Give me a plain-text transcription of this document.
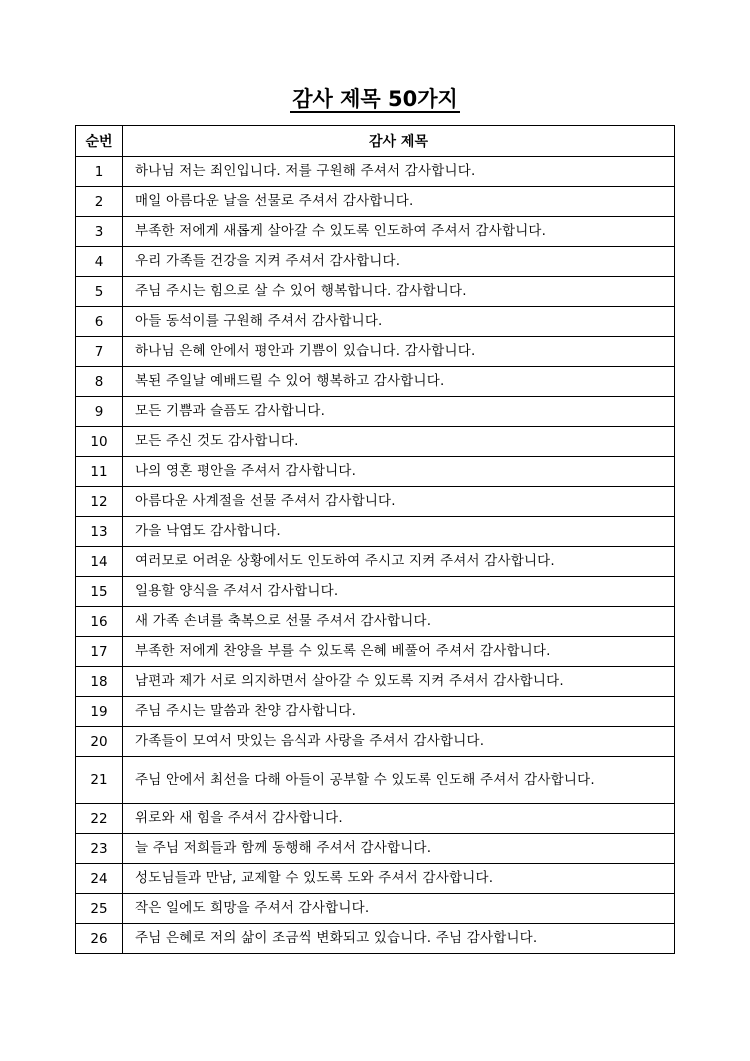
감사 제목 50가지
순번	감사 제목
1	하나님 저는 죄인입니다. 저를 구원해 주셔서 감사합니다.
2	매일 아름다운 날을 선물로 주셔서 감사합니다.
3	부족한 저에게 새롭게 살아갈 수 있도록 인도하여 주셔서 감사합니다.
4	우리 가족들 건강을 지켜 주셔서 감사합니다.
5	주님 주시는 힘으로 살 수 있어 행복합니다. 감사합니다.
6	아들 동석이를 구원해 주셔서 감사합니다.
7	하나님 은혜 안에서 평안과 기쁨이 있습니다. 감사합니다.
8	복된 주일날 예배드릴 수 있어 행복하고 감사합니다.
9	모든 기쁨과 슬픔도 감사합니다.
10	모든 주신 것도 감사합니다.
11	나의 영혼 평안을 주셔서 감사합니다.
12	아름다운 사계절을 선물 주셔서 감사합니다.
13	가을 낙엽도 감사합니다.
14	여러모로 어려운 상황에서도 인도하여 주시고 지켜 주셔서 감사합니다.
15	일용할 양식을 주셔서 감사합니다.
16	새 가족 손녀를 축복으로 선물 주셔서 감사합니다.
17	부족한 저에게 찬양을 부를 수 있도록 은혜 베풀어 주셔서 감사합니다.
18	남편과 제가 서로 의지하면서 살아갈 수 있도록 지켜 주셔서 감사합니다.
19	주님 주시는 말씀과 찬양 감사합니다.
20	가족들이 모여서 맛있는 음식과 사랑을 주셔서 감사합니다.
21	주님 안에서 최선을 다해 아들이 공부할 수 있도록 인도해 주셔서 감사합니다.
22	위로와 새 힘을 주셔서 감사합니다.
23	늘 주님 저희들과 함께 동행해 주셔서 감사합니다.
24	성도님들과 만남, 교제할 수 있도록 도와 주셔서 감사합니다.
25	작은 일에도 희망을 주셔서 감사합니다.
26	주님 은혜로 저의 삶이 조금씩 변화되고 있습니다. 주님 감사합니다.
